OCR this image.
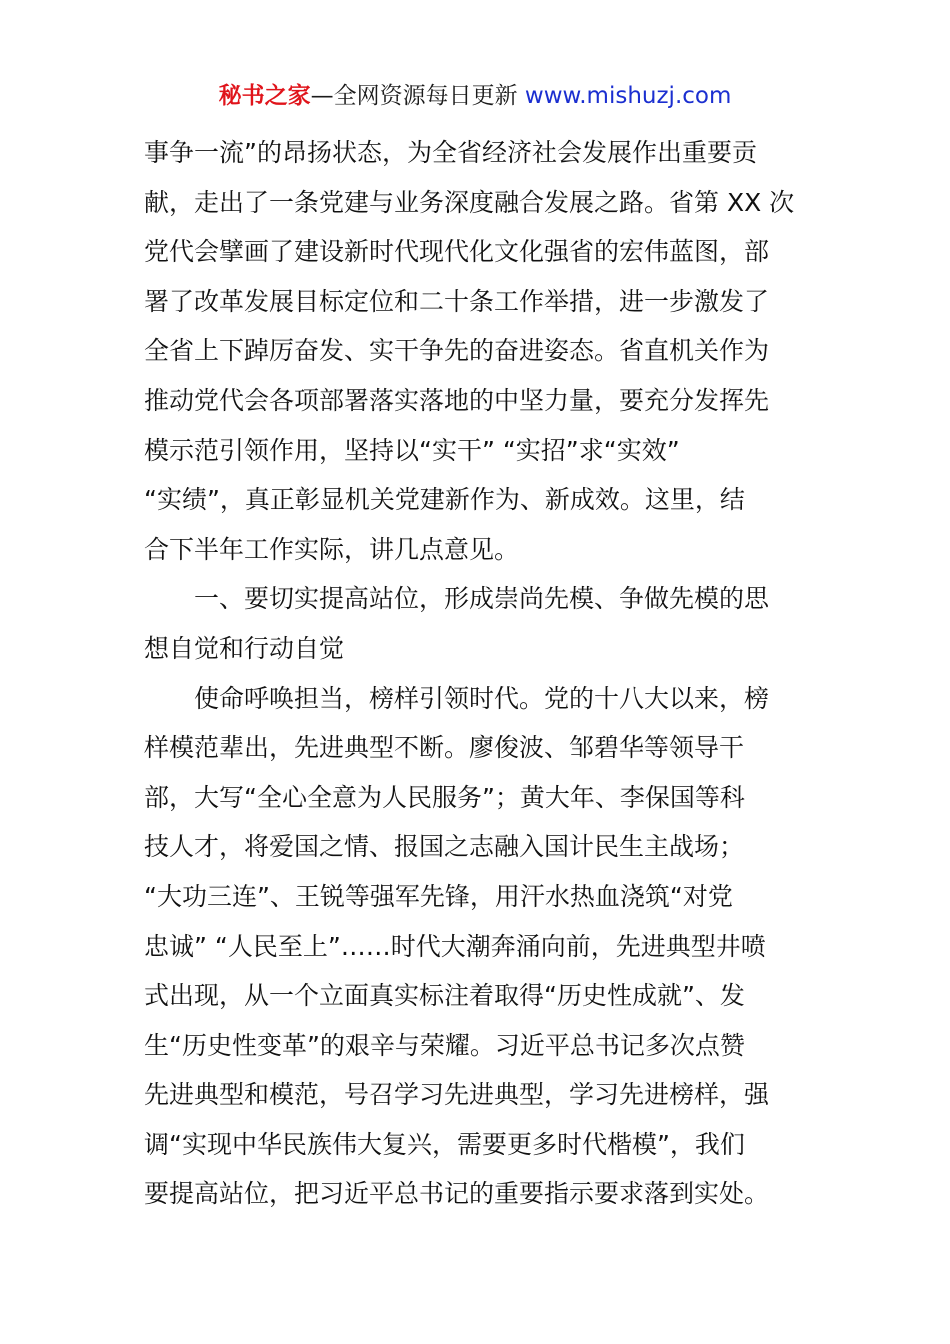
秘书之家—全网资源每日更新 www.mishuzj.com
事争一流”的昂扬状态，为全省经济社会发展作出重要贡
献，走出了一条党建与业务深度融合发展之路。省第 XX 次
党代会擘画了建设新时代现代化文化强省的宏伟蓝图，部
署了改革发展目标定位和二十条工作举措，进一步激发了
全省上下踔厉奋发、实干争先的奋进姿态。省直机关作为
推动党代会各项部署落实落地的中坚力量，要充分发挥先
模示范引领作用，坚持以“实干” “实招”求“实效”
“实绩”，真正彰显机关党建新作为、新成效。这里，结
合下半年工作实际，讲几点意见。
一、要切实提高站位，形成崇尚先模、争做先模的思
想自觉和行动自觉
使命呼唤担当，榜样引领时代。党的十八大以来，榜
样模范辈出，先进典型不断。廖俊波、邹碧华等领导干
部，大写“全心全意为人民服务”；黄大年、李保国等科
技人才，将爱国之情、报国之志融入国计民生主战场；
“大功三连”、王锐等强军先锋，用汗水热血浇筑“对党
忠诚” “人民至上”……时代大潮奔涌向前，先进典型井喷
式出现，从一个立面真实标注着取得“历史性成就”、发
生“历史性变革”的艰辛与荣耀。习近平总书记多次点赞
先进典型和模范，号召学习先进典型，学习先进榜样，强
调“实现中华民族伟大复兴，需要更多时代楷模”，我们
要提高站位，把习近平总书记的重要指示要求落到实处。
